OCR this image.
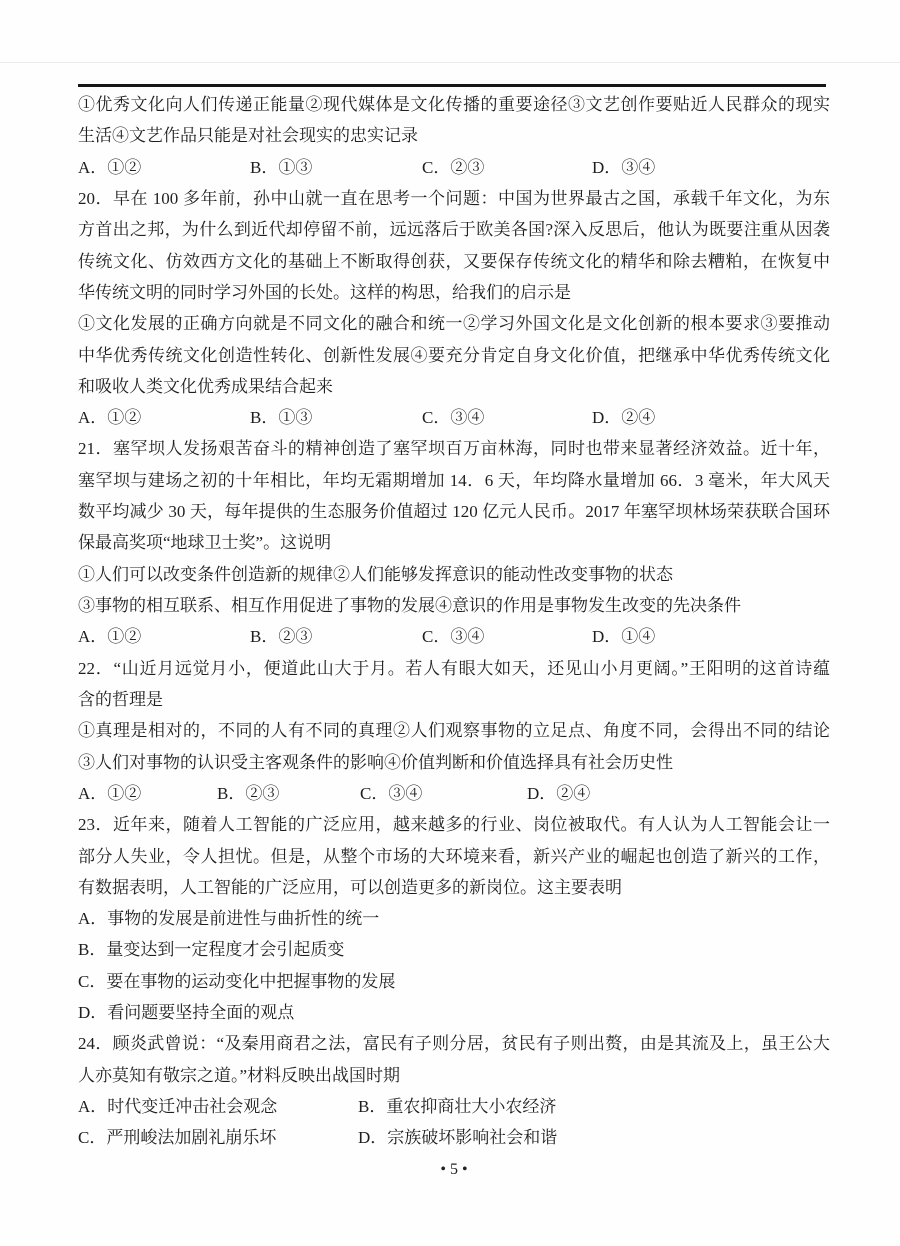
①优秀文化向人们传递正能量②现代媒体是文化传播的重要途径③文艺创作要贴近人民群众的现实
生活④文艺作品只能是对社会现实的忠实记录
A．①②	B．①③	C．②③	D．③④
20．早在 100 多年前，孙中山就一直在思考一个问题：中国为世界最古之国，承载千年文化，为东
方首出之邦，为什么到近代却停留不前，远远落后于欧美各国?深入反思后，他认为既要注重从因袭
传统文化、仿效西方文化的基础上不断取得创获，又要保存传统文化的精华和除去糟粕，在恢复中
华传统文明的同时学习外国的长处。这样的构思，给我们的启示是
①文化发展的正确方向就是不同文化的融合和统一②学习外国文化是文化创新的根本要求③要推动
中华优秀传统文化创造性转化、创新性发展④要充分肯定自身文化价值，把继承中华优秀传统文化
和吸收人类文化优秀成果结合起来
A．①②	B．①③	C．③④	D．②④
21．塞罕坝人发扬艰苦奋斗的精神创造了塞罕坝百万亩林海，同时也带来显著经济效益。近十年，
塞罕坝与建场之初的十年相比，年均无霜期增加 14．6 天，年均降水量增加 66．3 毫米，年大风天
数平均减少 30 天，每年提供的生态服务价值超过 120 亿元人民币。2017 年塞罕坝林场荣获联合国环
保最高奖项“地球卫士奖”。这说明
①人们可以改变条件创造新的规律②人们能够发挥意识的能动性改变事物的状态
③事物的相互联系、相互作用促进了事物的发展④意识的作用是事物发生改变的先决条件
A．①②	B．②③	C．③④	D．①④
22．“山近月远觉月小，便道此山大于月。若人有眼大如天，还见山小月更阔。”王阳明的这首诗蕴
含的哲理是
①真理是相对的，不同的人有不同的真理②人们观察事物的立足点、角度不同，会得出不同的结论
③人们对事物的认识受主客观条件的影响④价值判断和价值选择具有社会历史性
A．①②	B．②③	C．③④	D．②④
23．近年来，随着人工智能的广泛应用，越来越多的行业、岗位被取代。有人认为人工智能会让一
部分人失业，令人担忧。但是，从整个市场的大环境来看，新兴产业的崛起也创造了新兴的工作，
有数据表明，人工智能的广泛应用，可以创造更多的新岗位。这主要表明
A．事物的发展是前进性与曲折性的统一
B．量变达到一定程度才会引起质变
C．要在事物的运动变化中把握事物的发展
D．看问题要坚持全面的观点
24．顾炎武曾说：“及秦用商君之法，富民有子则分居，贫民有子则出赘，由是其流及上，虽王公大
人亦莫知有敬宗之道。”材料反映出战国时期
A．时代变迁冲击社会观念	B．重农抑商壮大小农经济
C．严刑峻法加剧礼崩乐坏	D．宗族破坏影响社会和谐
• 5 •
